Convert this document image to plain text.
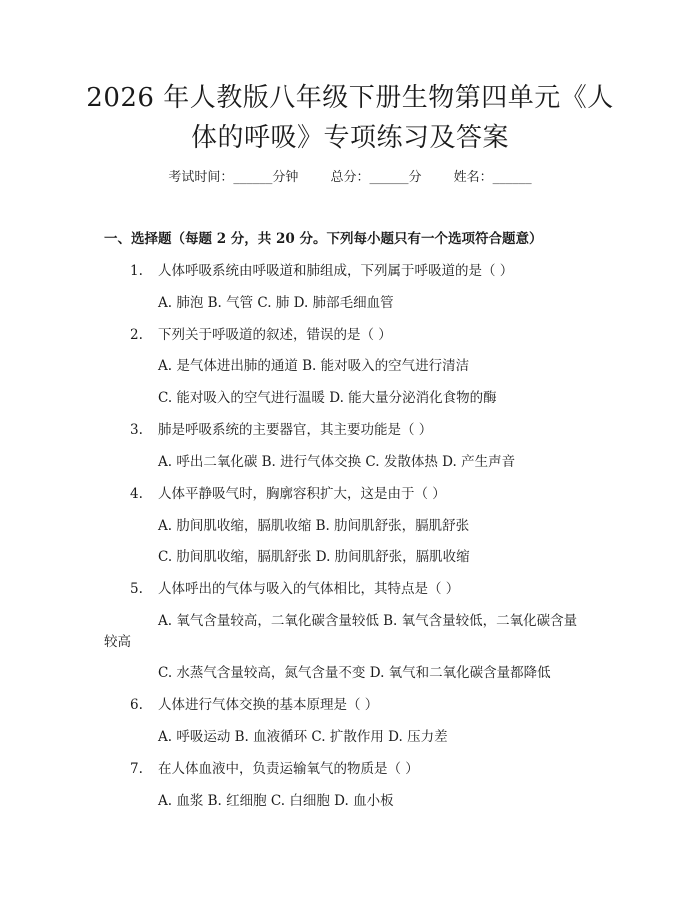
2026 年人教版八年级下册生物第四单元《人
体的呼吸》专项练习及答案
考试时间：______分钟 总分：______分 姓名：______

一、选择题（每题 2 分，共 20 分。下列每小题只有一个选项符合题意）

1. 人体呼吸系统由呼吸道和肺组成，下列属于呼吸道的是（ ）
A. 肺泡 B. 气管 C. 肺 D. 肺部毛细血管
2. 下列关于呼吸道的叙述，错误的是（ ）
A. 是气体进出肺的通道 B. 能对吸入的空气进行清洁
C. 能对吸入的空气进行温暖 D. 能大量分泌消化食物的酶
3. 肺是呼吸系统的主要器官，其主要功能是（ ）
A. 呼出二氧化碳 B. 进行气体交换 C. 发散体热 D. 产生声音
4. 人体平静吸气时，胸廓容积扩大，这是由于（ ）
A. 肋间肌收缩，膈肌收缩 B. 肋间肌舒张，膈肌舒张
C. 肋间肌收缩，膈肌舒张 D. 肋间肌舒张，膈肌收缩
5. 人体呼出的气体与吸入的气体相比，其特点是（ ）
A. 氧气含量较高，二氧化碳含量较低 B. 氧气含量较低，二氧化碳含量
较高
C. 水蒸气含量较高，氮气含量不变 D. 氧气和二氧化碳含量都降低
6. 人体进行气体交换的基本原理是（ ）
A. 呼吸运动 B. 血液循环 C. 扩散作用 D. 压力差
7. 在人体血液中，负责运输氧气的物质是（ ）
A. 血浆 B. 红细胞 C. 白细胞 D. 血小板
